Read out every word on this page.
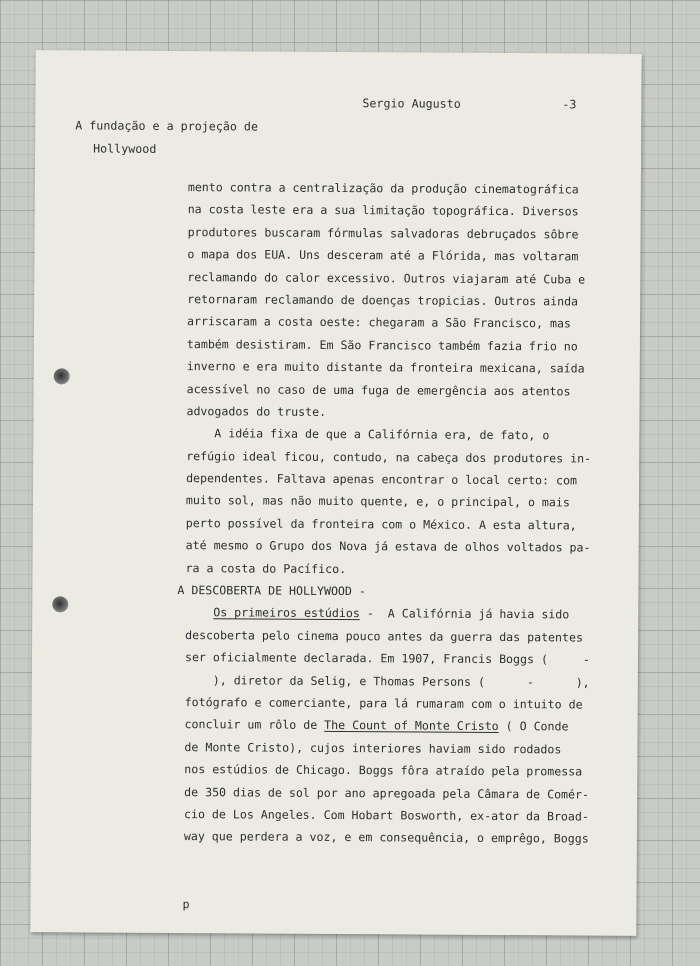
Sergio Augusto	-3
A fundação e a projeção de
Hollywood
mento contra a centralização da produção cinematográfica
na costa leste era a sua limitação topográfica. Diversos
produtores buscaram fórmulas salvadoras debruçados sôbre
o mapa dos EUA. Uns desceram até a Flórida, mas voltaram
reclamando do calor excessivo. Outros viajaram até Cuba e
retornaram reclamando de doenças tropicias. Outros ainda
arriscaram a costa oeste: chegaram a São Francisco, mas
também desistiram. Em São Francisco também fazia frio no
inverno e era muito distante da fronteira mexicana, saída
acessível no caso de uma fuga de emergência aos atentos
advogados do truste.
A idéia fixa de que a Califórnia era, de fato, o
refúgio ideal ficou, contudo, na cabeça dos produtores in-
dependentes. Faltava apenas encontrar o local certo: com
muito sol, mas não muito quente, e, o principal, o mais
perto possível da fronteira com o México. A esta altura,
até mesmo o Grupo dos Nova já estava de olhos voltados pa-
ra a costa do Pacífico.
A DESCOBERTA DE HOLLYWOOD -
Os primeiros estúdios -  A Califórnia já havia sido
descoberta pelo cinema pouco antes da guerra das patentes
ser oficialmente declarada. Em 1907, Francis Boggs (     -
), diretor da Selig, e Thomas Persons (      -      ),
fotógrafo e comerciante, para lá rumaram com o intuito de
concluir um rôlo de The Count of Monte Cristo ( O Conde
de Monte Cristo), cujos interiores haviam sido rodados
nos estúdios de Chicago. Boggs fôra atraído pela promessa
de 350 dias de sol por ano apregoada pela Câmara de Comér-
cio de Los Angeles. Com Hobart Bosworth, ex-ator da Broad-
way que perdera a voz, e em consequência, o emprêgo, Boggs
p
